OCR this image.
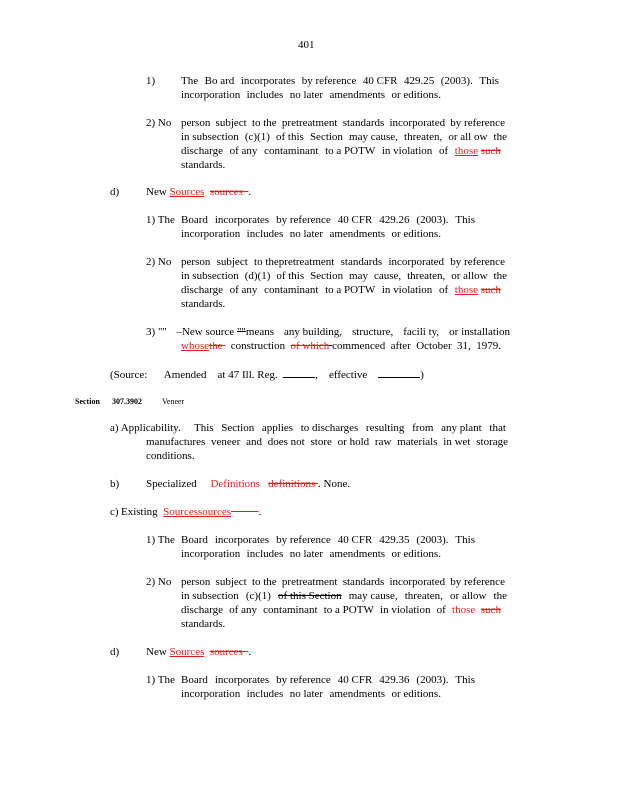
401
1) The Bo ard incorporates by reference 40 CFR 429.25 (2003). This
incorporation includes no later amendments or editions.
2) No person subject to the pretreatment standards incorporated by reference
in subsection (c)(1) of this Section may cause, threaten, or all ow the
discharge of any contaminant to a POTW in violation of those such
standards.
d) New Sources sources .
1) The Board incorporates by reference 40 CFR 429.26 (2003). This
incorporation includes no later amendments or editions.
2) No person subject to thepretreatment standards incorporated by reference
in subsection (d)(1) of this Section may cause, threaten, or allow the
discharge of any contaminant to a POTW in violation of those such
standards.
3) "'' –New source ""means any building, structure, facili ty, or installation
whosethe construction of which commenced after October 31, 1979.
(Source: Amended at 47 Ill. Reg.	, effective	)
Section 307.3902	Veneer
a) Applicability. This Section applies to discharges resulting from any plant that
manufactures veneer and does not store or hold raw materials in wet storage
conditions.
b) Specialized Definitions definitions . None.
c) Existing Sourcessources	.
1) The Board incorporates by reference 40 CFR 429.35 (2003). This
incorporation includes no later amendments or editions.
2) No person subject to the pretreatment standards incorporated by reference
in subsection (c)(1) of this Section may cause, threaten, or allow the
discharge of any contaminant to a POTW in violation of those such
standards.
d) New Sources sources .
1) The Board incorporates by reference 40 CFR 429.36 (2003). This
incorporation includes no later amendments or editions.
